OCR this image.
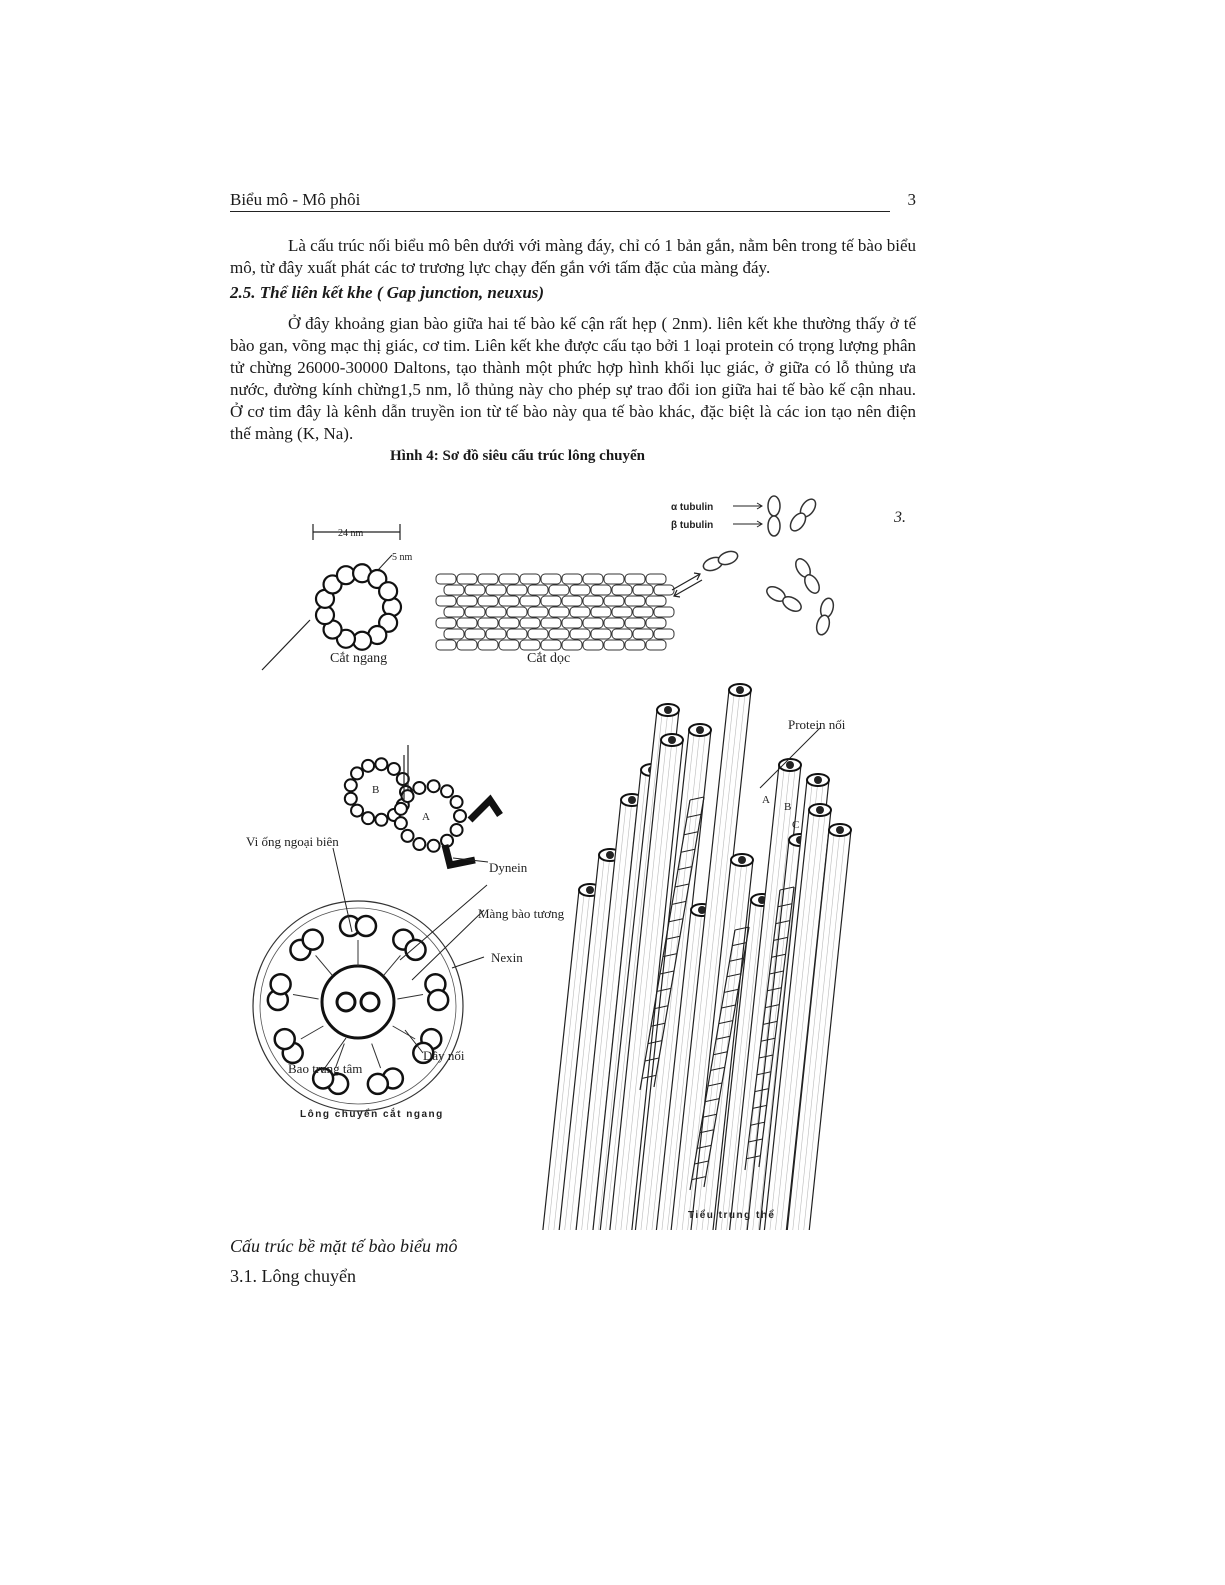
Biểu mô - Mô phôi	3

Là cấu trúc nối biểu mô bên dưới với màng đáy, chỉ có 1 bản gắn, nằm bên trong tế bào biểu mô, từ đây xuất phát các tơ trương lực chạy đến gắn với tấm đặc của màng đáy.

2.5. Thể liên kết khe ( Gap junction, neuxus)

Ở đây khoảng gian bào giữa hai tế bào kế cận rất hẹp ( 2nm). liên kết khe thường thấy ở tế bào gan, võng mạc thị giác, cơ tim. Liên kết khe được cấu tạo bởi 1 loại protein có trọng lượng phân tử chừng 26000-30000 Daltons, tạo thành một phức hợp hình khối lục giác, ở giữa có lỗ thủng ưa nước, đường kính chừng1,5 nm, lỗ thủng này cho phép sự trao đổi ion giữa hai tế bào kế cận nhau. Ở cơ tim đây là kênh dẫn truyền ion từ tế bào này qua tế bào khác, đặc biệt là các ion tạo nên điện thế màng (K, Na).

Hình 4: Sơ đồ siêu cấu trúc lông chuyển
24 nm
5 nm
Cắt ngang	Cắt dọc
α tubulin
β tubulin	3.
B
A
Vi ống ngoại biên
Dynein
Màng bào tương
Nexin
Dây nối
Bao trung tâm
Lông chuyển cắt ngang
Protein nối
A
B
C
Tiểu trung thể
Cấu trúc bề mặt tế bào biểu mô
3.1. Lông chuyển
